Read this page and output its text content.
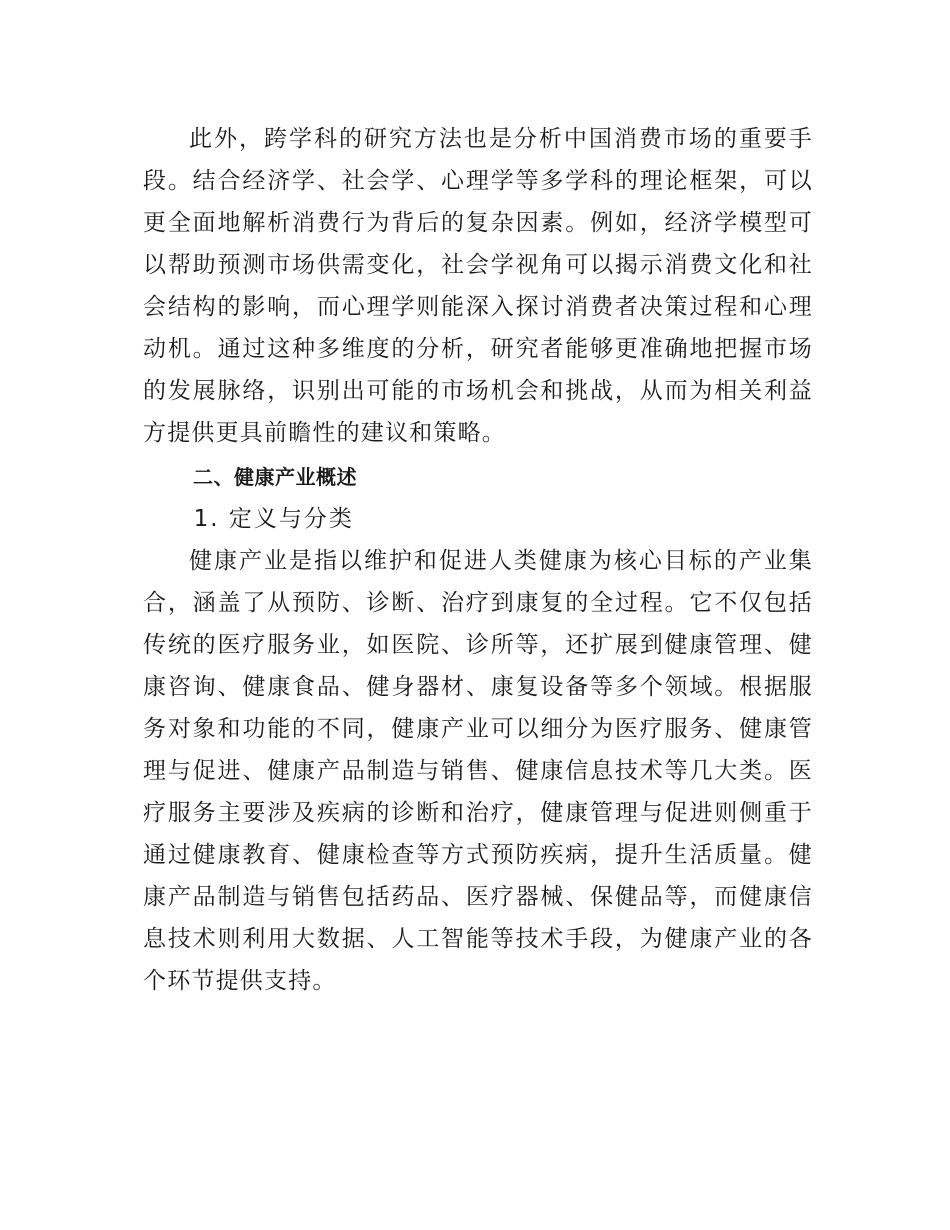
此外，跨学科的研究方法也是分析中国消费市场的重要手段。结合经济学、社会学、心理学等多学科的理论框架，可以更全面地解析消费行为背后的复杂因素。例如，经济学模型可以帮助预测市场供需变化，社会学视角可以揭示消费文化和社会结构的影响，而心理学则能深入探讨消费者决策过程和心理动机。通过这种多维度的分析，研究者能够更准确地把握市场的发展脉络，识别出可能的市场机会和挑战，从而为相关利益方提供更具前瞻性的建议和策略。

二、健康产业概述
1. 定义与分类

健康产业是指以维护和促进人类健康为核心目标的产业集合，涵盖了从预防、诊断、治疗到康复的全过程。它不仅包括传统的医疗服务业，如医院、诊所等，还扩展到健康管理、健康咨询、健康食品、健身器材、康复设备等多个领域。根据服务对象和功能的不同，健康产业可以细分为医疗服务、健康管理与促进、健康产品制造与销售、健康信息技术等几大类。医疗服务主要涉及疾病的诊断和治疗，健康管理与促进则侧重于通过健康教育、健康检查等方式预防疾病，提升生活质量。健康产品制造与销售包括药品、医疗器械、保健品等，而健康信息技术则利用大数据、人工智能等技术手段，为健康产业的各个环节提供支持。
